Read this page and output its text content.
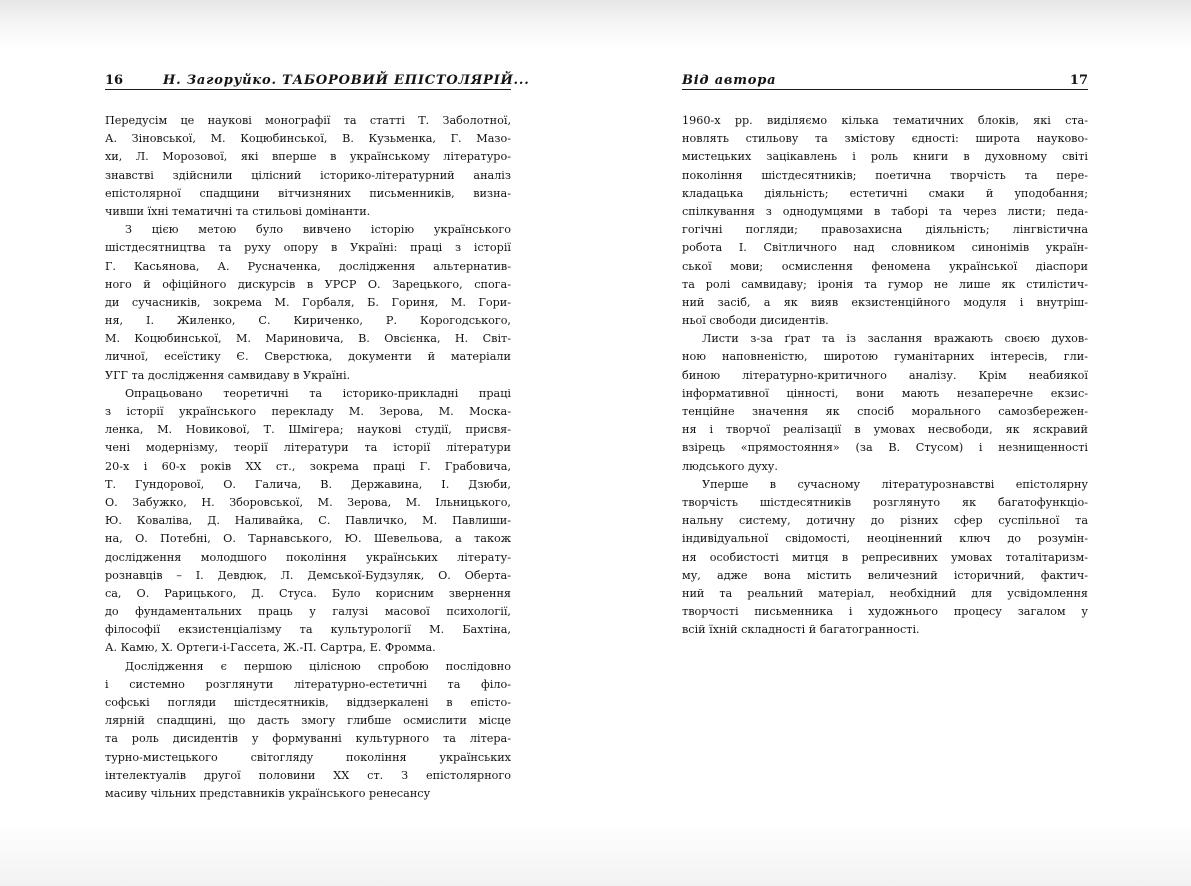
16	Н. Загоруйко. ТАБОРОВИЙ ЕПІСТОЛЯРІЙ...
Передусім це наукові монографії та статті Т. Заболотної,
А. Зіновської, М. Коцюбинської, В. Кузьменка, Г. Мазо-
хи, Л. Морозової, які вперше в українському літературо-
знавстві здійснили цілісний історико-літературний аналіз
епістолярної спадщини вітчизняних письменників, визна-
чивши їхні тематичні та стильові домінанти.
З цією метою було вивчено історію українського
шістдесятництва та руху опору в Україні: праці з історії
Г. Касьянова, А. Русначенка, дослідження альтернатив-
ного й офіційного дискурсів в УРСР О. Зарецького, спога-
ди сучасників, зокрема М. Горбаля, Б. Гориня, М. Гори-
ня, І. Жиленко, С. Кириченко, Р. Корогодського,
М. Коцюбинської, М. Мариновича, В. Овсієнка, Н. Світ-
личної, есеїстику Є. Сверстюка, документи й матеріали
УГГ та дослідження самвидаву в Україні.
Опрацьовано теоретичні та історико-прикладні праці
з історії українського перекладу М. Зерова, М. Москa-
ленка, М. Новикової, Т. Шмігера; наукові студії, присвя-
чені модернізму, теорії літератури та історії літератури
20-х і 60-х років ХХ ст., зокрема праці Г. Грабовича,
Т. Гундорової, О. Галича, В. Державина, І. Дзюби,
О. Забужко, Н. Зборовської, М. Зерова, М. Ільницького,
Ю. Коваліва, Д. Наливайка, С. Павличко, М. Павлиши-
на, О. Потебні, О. Тарнавського, Ю. Шевельова, а також
дослідження молодшого покоління українських літерату-
рознавців – І. Девдюк, Л. Демської-Будзуляк, О. Оберта-
са, О. Рарицького, Д. Стуса. Було корисним звернення
до фундаментальних праць у галузі масової психології,
філософії екзистенціалізму та культурології М. Бахтіна,
А. Камю, Х. Ортеги-і-Гассета, Ж.-П. Сартра, Е. Фромма.
Дослідження є першою цілісною спробою послідовно
і системно розглянути літературно-естетичні та філо-
софські погляди шістдесятників, віддзеркалені в епісто-
лярній спадщині, що дасть змогу глибше осмислити місце
та роль дисидентів у формуванні культурного та літера-
турно-мистецького світогляду покоління українських
інтелектуалів другої половини ХХ ст. З епістолярного
масиву чільних представників українського ренесансу
Від автора	17
1960-х рр. виділяємо кілька тематичних блоків, які ста-
новлять стильову та змістову єдності: широта науково-
мистецьких зацікавлень і роль книги в духовному світі
покоління шістдесятників; поетична творчість та пере-
кладацька діяльність; естетичні смаки й уподобання;
спілкування з однодумцями в таборі та через листи; педа-
гогічні погляди; правозахисна діяльність; лінгвістична
робота І. Світличного над словником синонімів україн-
ської мови; осмислення феномена української діаспори
та ролі самвидаву; іронія та гумор не лише як стилістич-
ний засіб, а як вияв екзистенційного модуля і внутріш-
ньої свободи дисидентів.
Листи з-за ґрат та із заслання вражають своєю духов-
ною наповненістю, широтою гуманітарних інтересів, гли-
биною літературно-критичного аналізу. Крім неабиякої
інформативної цінності, вони мають незаперечне екзис-
тенційне значення як спосіб морального самозбережен-
ня і творчої реалізації в умовах несвободи, як яскравий
взірець «прямостояння» (за В. Стусом) і незнищенності
людського духу.
Уперше в сучасному літературознавстві епістолярну
творчість шістдесятників розглянуто як багатофункціо-
нальну систему, дотичну до різних сфер суспільної та
індивідуальної свідомості, неоціненний ключ до розумін-
ня особистості митця в репресивних умовах тоталітаризм-
му, адже вона містить величезний історичний, фактич-
ний та реальний матеріал, необхідний для усвідомлення
творчості письменника і художнього процесу загалом у
всій їхній складності й багатогранності.
